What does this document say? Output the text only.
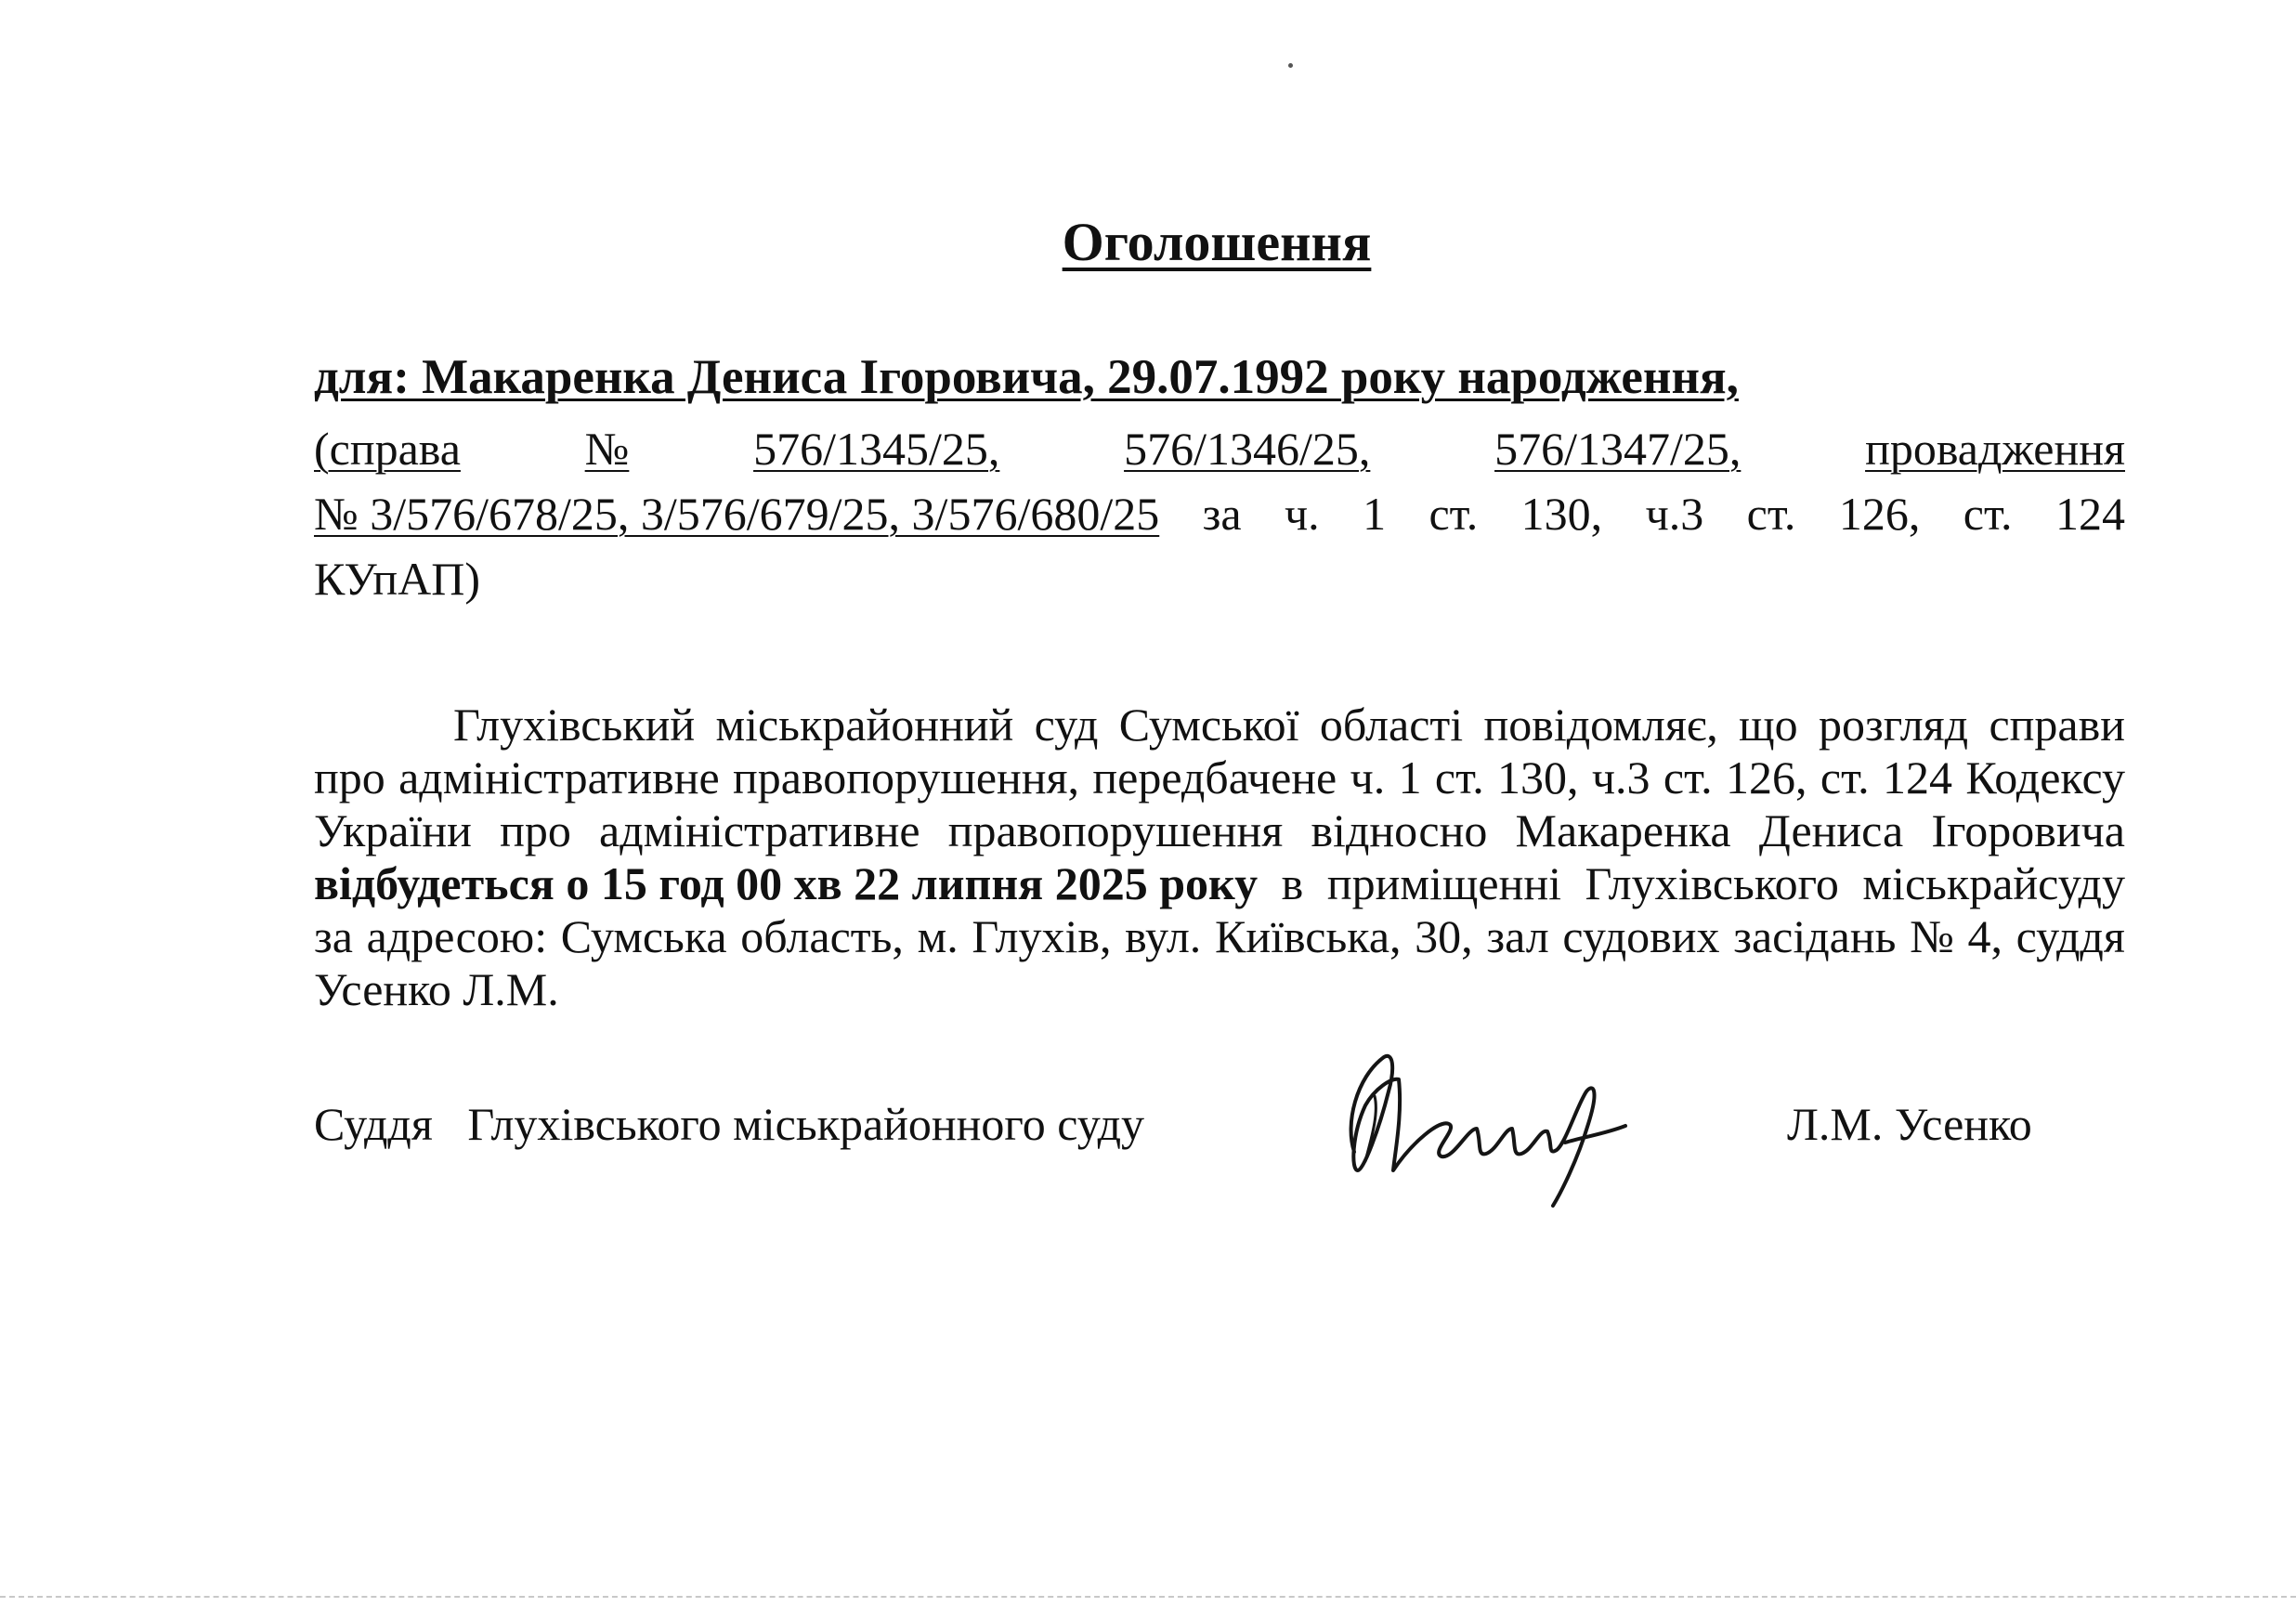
Оголошення
для: Макаренка Дениса Ігоровича, 29.07.1992 року народження,
(справа	№	576/1345/25,	576/1346/25,	576/1347/25,	провадження
№ 3/576/678/25, 3/576/679/25, 3/576/680/25 за ч. 1 ст. 130, ч.3 ст. 126, ст. 124
КУпАП)
Глухівський міськрайонний суд Сумської області повідомляє, що розгляд справи
про адміністративне правопорушення, передбачене ч. 1 ст. 130, ч.3 ст. 126, ст. 124 Кодексу
України про адміністративне правопорушення відносно Макаренка Дениса Ігоровича
відбудеться о 15 год 00 хв 22 липня 2025 року в приміщенні Глухівського міськрайсуду
за адресою: Сумська область, м. Глухів, вул. Київська, 30, зал судових засідань № 4, суддя
Усенко Л.М.
Суддя   Глухівського міськрайонного суду	Л.М. Усенко
